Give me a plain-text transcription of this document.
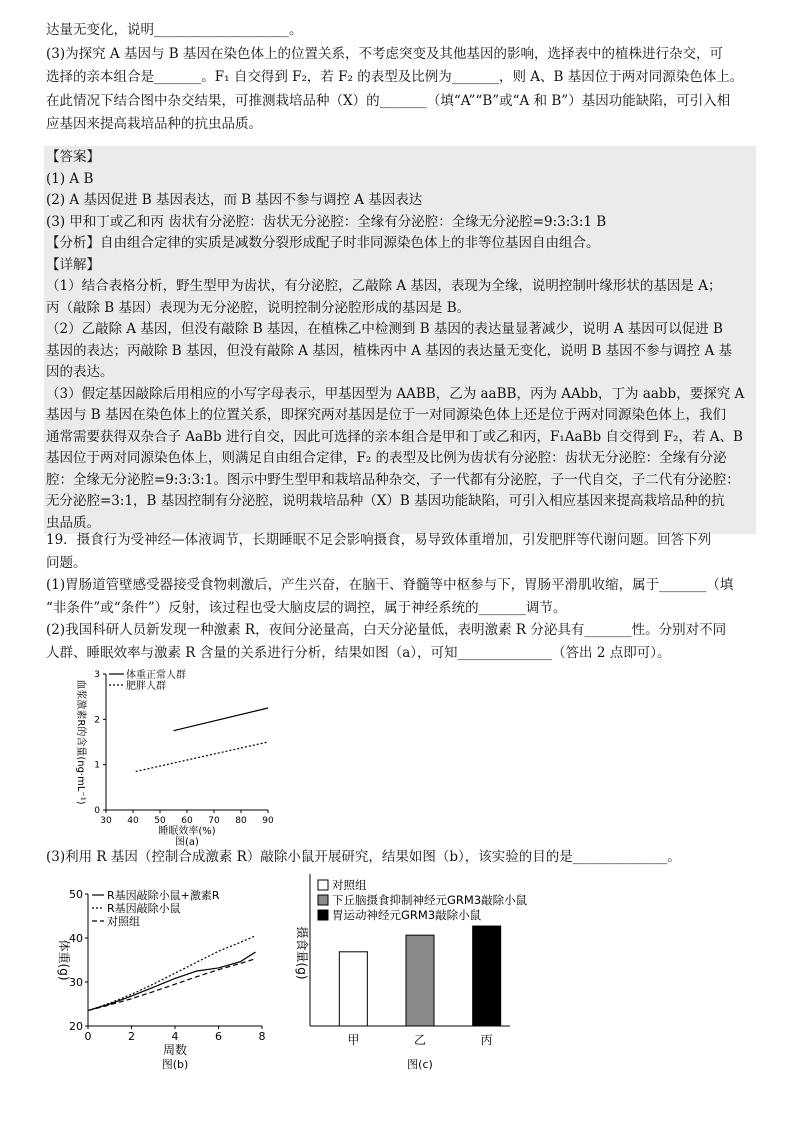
达量无变化，说明____________________。
(3)为探究 A 基因与 B 基因在染色体上的位置关系，不考虑突变及其他基因的影响，选择表中的植株进行杂交，可
选择的亲本组合是_______。F₁ 自交得到 F₂，若 F₂ 的表型及比例为_______，则 A、B 基因位于两对同源染色体上。
在此情况下结合图中杂交结果，可推测栽培品种（X）的_______（填“A”“B”或“A 和 B”）基因功能缺陷，可引入相
应基因来提高栽培品种的抗虫品质。
【答案】
(1) A B
(2) A 基因促进 B 基因表达，而 B 基因不参与调控 A 基因表达
(3) 甲和丁或乙和丙 齿状有分泌腔：齿状无分泌腔：全缘有分泌腔：全缘无分泌腔=9:3:3:1 B
【分析】自由组合定律的实质是减数分裂形成配子时非同源染色体上的非等位基因自由组合。
【详解】
（1）结合表格分析，野生型甲为齿状，有分泌腔，乙敲除 A 基因，表现为全缘，说明控制叶缘形状的基因是 A；
丙（敲除 B 基因）表现为无分泌腔，说明控制分泌腔形成的基因是 B。
（2）乙敲除 A 基因，但没有敲除 B 基因，在植株乙中检测到 B 基因的表达量显著减少，说明 A 基因可以促进 B
基因的表达；丙敲除 B 基因，但没有敲除 A 基因，植株丙中 A 基因的表达量无变化，说明 B 基因不参与调控 A 基
因的表达。
（3）假定基因敲除后用相应的小写字母表示，甲基因型为 AABB，乙为 aaBB，丙为 AAbb，丁为 aabb，要探究 A
基因与 B 基因在染色体上的位置关系，即探究两对基因是位于一对同源染色体上还是位于两对同源染色体上，我们
通常需要获得双杂合子 AaBb 进行自交，因此可选择的亲本组合是甲和丁或乙和丙，F₁AaBb 自交得到 F₂，若 A、B
基因位于两对同源染色体上，则满足自由组合定律，F₂ 的表型及比例为齿状有分泌腔：齿状无分泌腔：全缘有分泌
腔：全缘无分泌腔=9:3:3:1。图示中野生型甲和栽培品种杂交，子一代都有分泌腔，子一代自交，子二代有分泌腔：
无分泌腔=3:1，B 基因控制有分泌腔，说明栽培品种（X）B 基因功能缺陷，可引入相应基因来提高栽培品种的抗
虫品质。
19．摄食行为受神经—体液调节，长期睡眠不足会影响摄食，易导致体重增加，引发肥胖等代谢问题。回答下列
问题。
(1)胃肠道管壁感受器接受食物刺激后，产生兴奋，在脑干、脊髓等中枢参与下，胃肠平滑肌收缩，属于_______（填
“非条件”或“条件”）反射，该过程也受大脑皮层的调控，属于神经系统的_______调节。
(2)我国科研人员新发现一种激素 R，夜间分泌量高，白天分泌量低，表明激素 R 分泌具有_______性。分别对不同
人群、睡眠效率与激素 R 含量的关系进行分析，结果如图（a），可知______________（答出 2 点即可）。
(3)利用 R 基因（控制合成激素 R）敲除小鼠开展研究，结果如图（b），该实验的目的是______________。
30 40 50 60 70 80 90
0
1
2
3	体重正常人群
肥胖人群
睡眠效率(%)
图(a)
血浆激素R的含量(ng·mL⁻¹)
0	2	4	6	8
20
30
40
50 R基因敲除小鼠+激素R
R基因敲除小鼠
对照组
周数
图(b)
体重(g)
对照组
下丘脑摄食抑制神经元GRM3敲除小鼠
胃运动神经元GRM3敲除小鼠
甲	乙	丙
图(c)
摄食量(g)
